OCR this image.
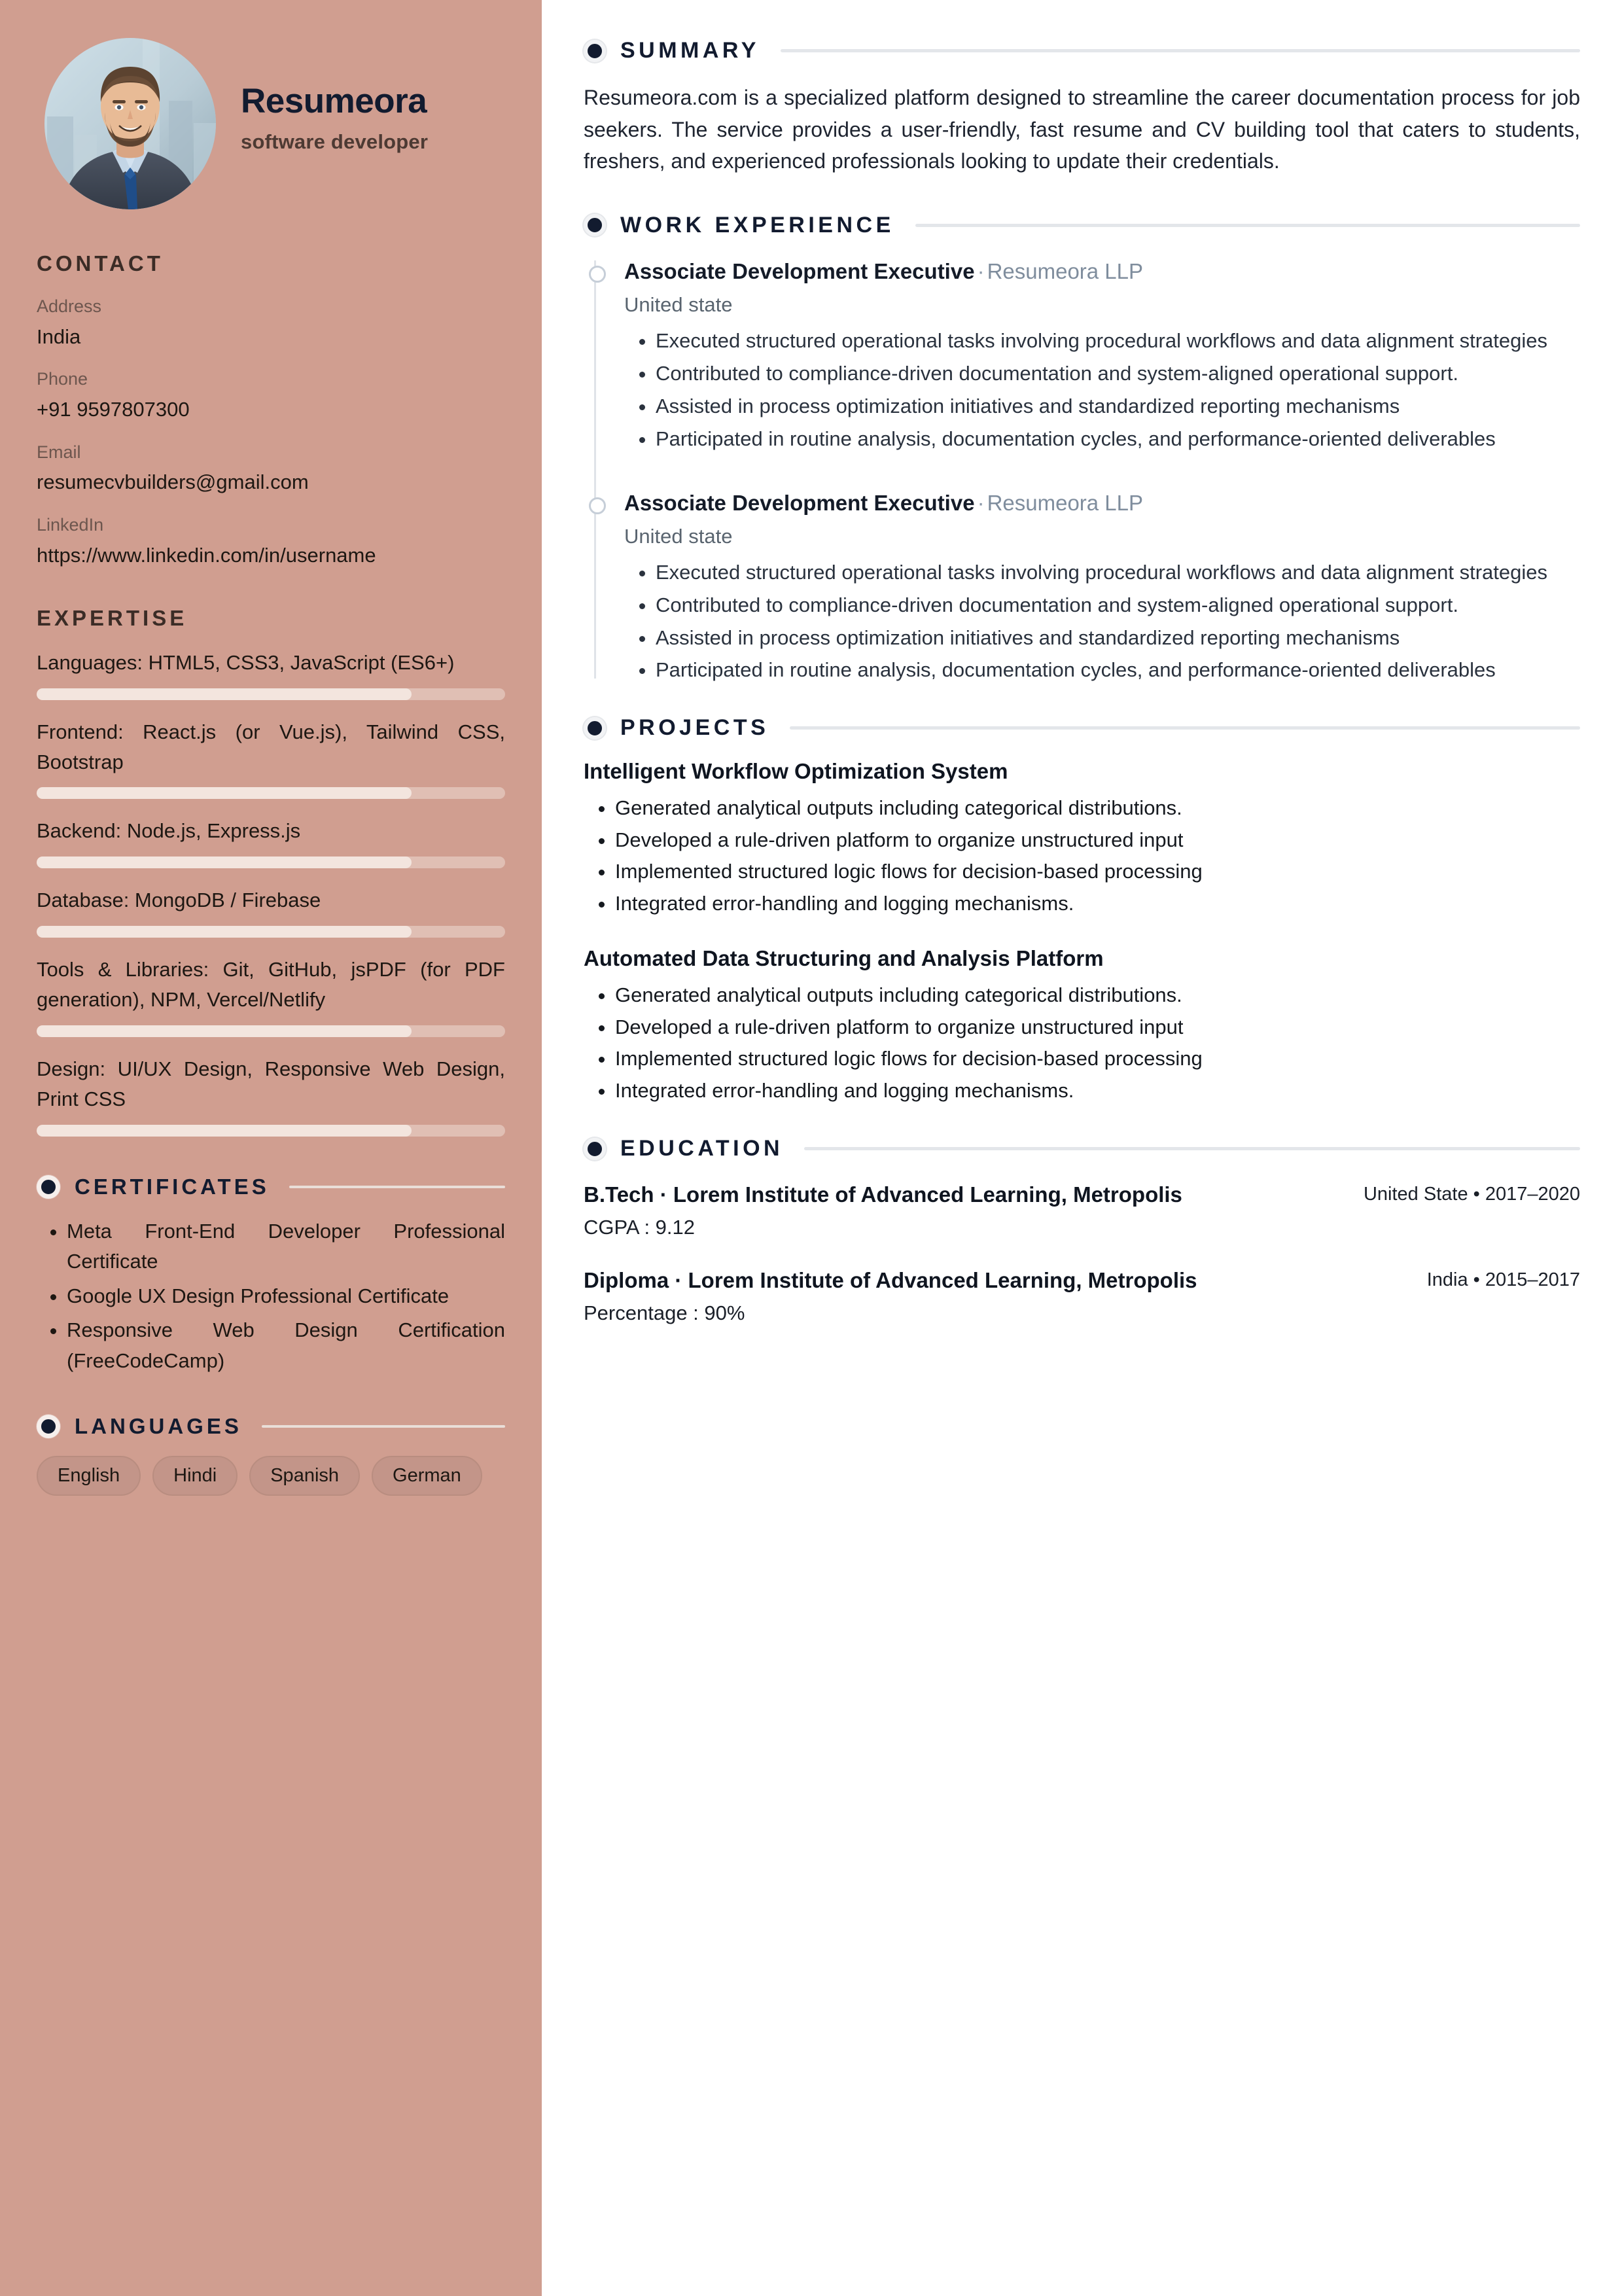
Resumeora
software developer
CONTACT
Address
India
Phone
+91 9597807300
Email
resumecvbuilders@gmail.com
LinkedIn
https://www.linkedin.com/in/username
EXPERTISE
Languages: HTML5, CSS3, JavaScript (ES6+)
Frontend: React.js (or Vue.js), Tailwind CSS, Bootstrap
Backend: Node.js, Express.js
Database: MongoDB / Firebase
Tools & Libraries: Git, GitHub, jsPDF (for PDF generation), NPM, Vercel/Netlify
Design: UI/UX Design, Responsive Web Design, Print CSS
CERTIFICATES
• Meta Front-End Developer Professional Certificate
• Google UX Design Professional Certificate
• Responsive Web Design Certification (FreeCodeCamp)
LANGUAGES
English	Hindi	Spanish	German
SUMMARY

Resumeora.com is a specialized platform designed to streamline the career documentation process for job seekers. The service provides a user-friendly, fast resume and CV building tool that caters to students, freshers, and experienced professionals looking to update their credentials.

WORK EXPERIENCE
Associate Development Executive · Resumeora LLP
United state
• Executed structured operational tasks involving procedural workflows and data alignment strategies
• Contributed to compliance-driven documentation and system-aligned operational support.
• Assisted in process optimization initiatives and standardized reporting mechanisms
• Participated in routine analysis, documentation cycles, and performance-oriented deliverables
Associate Development Executive · Resumeora LLP
United state
• Executed structured operational tasks involving procedural workflows and data alignment strategies
• Contributed to compliance-driven documentation and system-aligned operational support.
• Assisted in process optimization initiatives and standardized reporting mechanisms
• Participated in routine analysis, documentation cycles, and performance-oriented deliverables
PROJECTS
Intelligent Workflow Optimization System
• Generated analytical outputs including categorical distributions.
• Developed a rule-driven platform to organize unstructured input
• Implemented structured logic flows for decision-based processing
• Integrated error-handling and logging mechanisms.
Automated Data Structuring and Analysis Platform
• Generated analytical outputs including categorical distributions.
• Developed a rule-driven platform to organize unstructured input
• Implemented structured logic flows for decision-based processing
• Integrated error-handling and logging mechanisms.
EDUCATION
B.Tech · Lorem Institute of Advanced Learning, Metropolis	United State • 2017–2020
CGPA : 9.12
Diploma · Lorem Institute of Advanced Learning, Metropolis	India • 2015–2017
Percentage : 90%
